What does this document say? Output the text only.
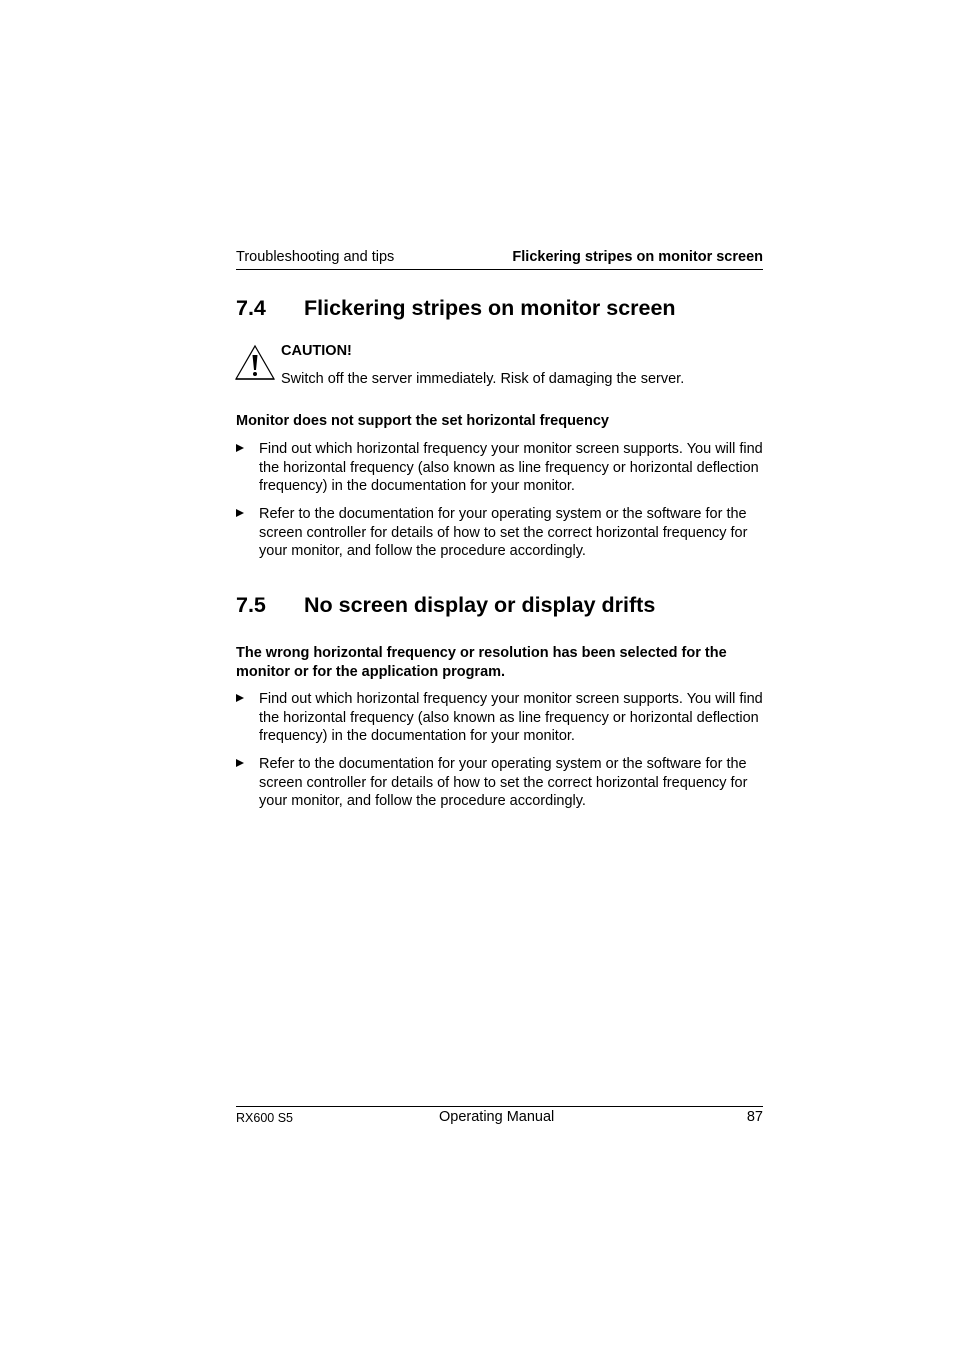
Troubleshooting and tips	Flickering stripes on monitor screen
7.4 Flickering stripes on monitor screen
CAUTION!
Switch off the server immediately. Risk of damaging the server.
Monitor does not support the set horizontal frequency
Find out which horizontal frequency your monitor screen supports. You will find the horizontal frequency (also known as line frequency or horizontal deflection frequency) in the documentation for your monitor.
Refer to the documentation for your operating system or the software for the screen controller for details of how to set the correct horizontal frequency for your monitor, and follow the procedure accordingly.
7.5 No screen display or display drifts
The wrong horizontal frequency or resolution has been selected for the monitor or for the application program.
Find out which horizontal frequency your monitor screen supports. You will find the horizontal frequency (also known as line frequency or horizontal deflection frequency) in the documentation for your monitor.
Refer to the documentation for your operating system or the software for the screen controller for details of how to set the correct horizontal frequency for your monitor, and follow the procedure accordingly.
RX600 S5	Operating Manual	87
